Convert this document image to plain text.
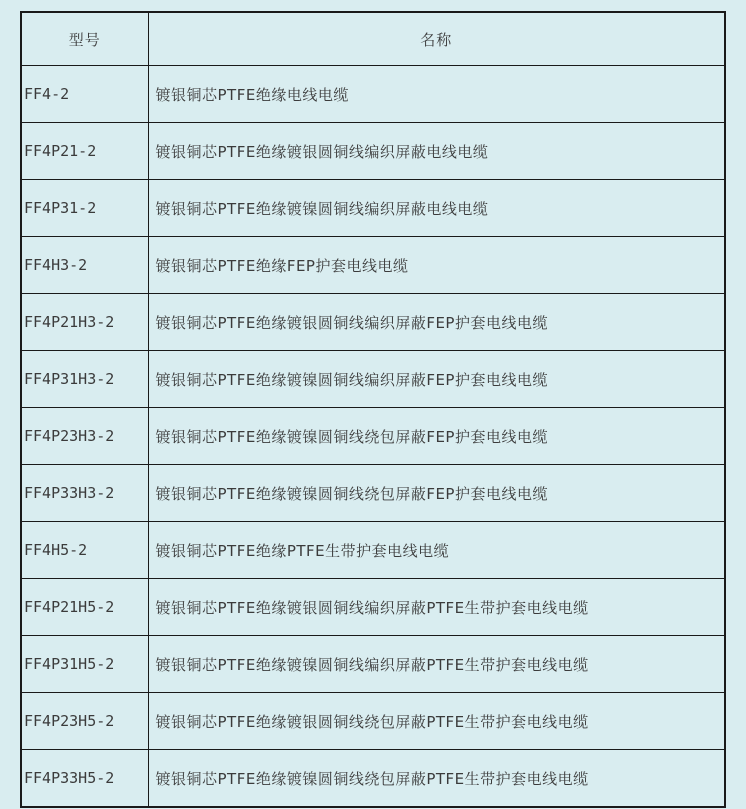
型号	名称
FF4-2	镀银铜芯PTFE绝缘电线电缆
FF4P21-2	镀银铜芯PTFE绝缘镀银圆铜线编织屏蔽电线电缆
FF4P31-2	镀银铜芯PTFE绝缘镀镍圆铜线编织屏蔽电线电缆
FF4H3-2	镀银铜芯PTFE绝缘FEP护套电线电缆
FF4P21H3-2	镀银铜芯PTFE绝缘镀银圆铜线编织屏蔽FEP护套电线电缆
FF4P31H3-2	镀银铜芯PTFE绝缘镀镍圆铜线编织屏蔽FEP护套电线电缆
FF4P23H3-2	镀银铜芯PTFE绝缘镀镍圆铜线绕包屏蔽FEP护套电线电缆
FF4P33H3-2	镀银铜芯PTFE绝缘镀镍圆铜线绕包屏蔽FEP护套电线电缆
FF4H5-2	镀银铜芯PTFE绝缘PTFE生带护套电线电缆
FF4P21H5-2	镀银铜芯PTFE绝缘镀银圆铜线编织屏蔽PTFE生带护套电线电缆
FF4P31H5-2	镀银铜芯PTFE绝缘镀镍圆铜线编织屏蔽PTFE生带护套电线电缆
FF4P23H5-2	镀银铜芯PTFE绝缘镀银圆铜线绕包屏蔽PTFE生带护套电线电缆
FF4P33H5-2	镀银铜芯PTFE绝缘镀镍圆铜线绕包屏蔽PTFE生带护套电线电缆
